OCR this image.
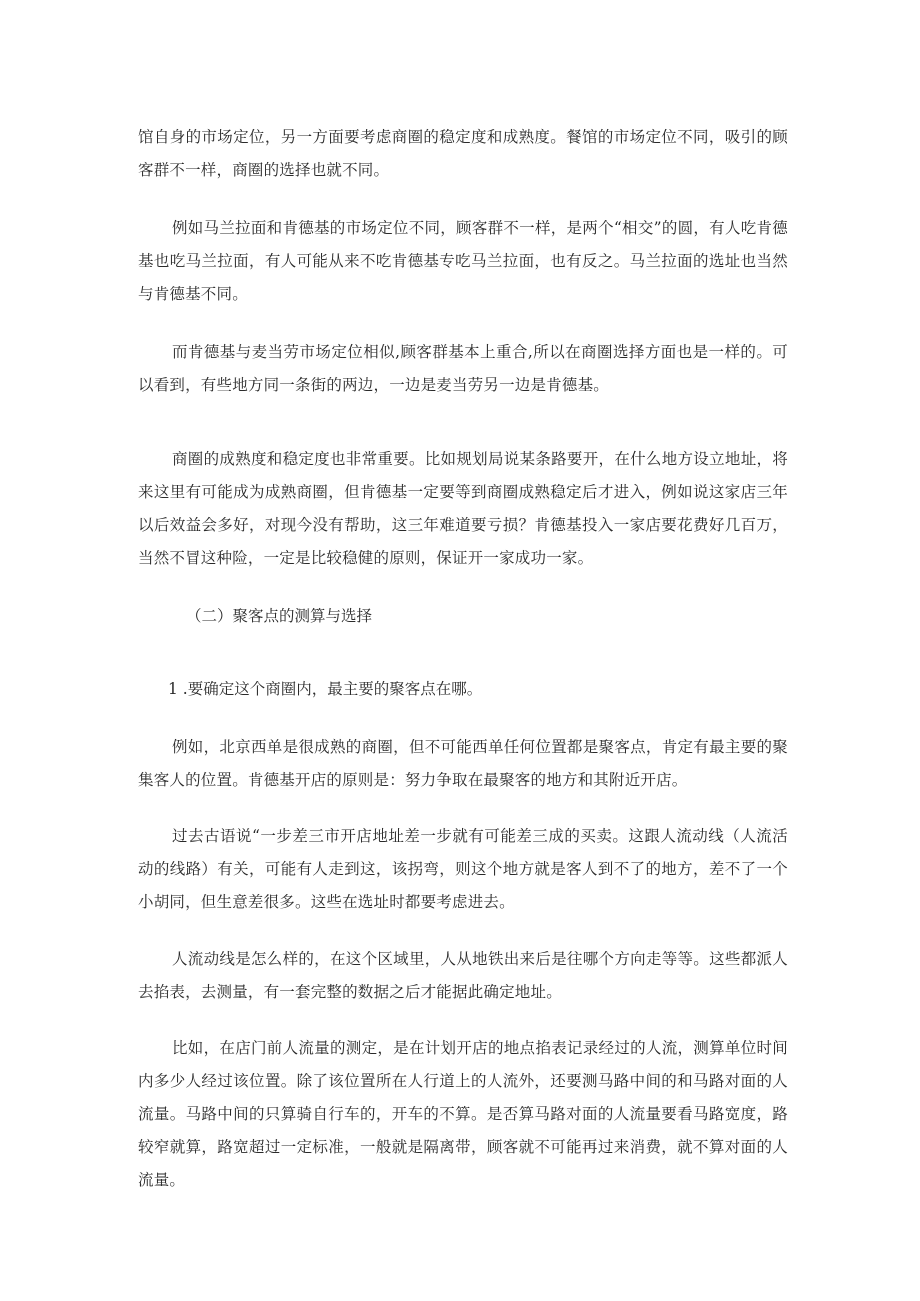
馆自身的市场定位，另一方面要考虑商圈的稳定度和成熟度。餐馆的市场定位不同，吸引的顾客群不一样，商圈的选择也就不同。

例如马兰拉面和肯德基的市场定位不同，顾客群不一样，是两个“相交”的圆，有人吃肯德基也吃马兰拉面，有人可能从来不吃肯德基专吃马兰拉面，也有反之。马兰拉面的选址也当然与肯德基不同。

而肯德基与麦当劳市场定位相似,顾客群基本上重合,所以在商圈选择方面也是一样的。可以看到，有些地方同一条街的两边，一边是麦当劳另一边是肯德基。

商圈的成熟度和稳定度也非常重要。比如规划局说某条路要开，在什么地方设立地址，将来这里有可能成为成熟商圈，但肯德基一定要等到商圈成熟稳定后才进入，例如说这家店三年以后效益会多好，对现今没有帮助，这三年难道要亏损？肯德基投入一家店要花费好几百万，当然不冒这种险，一定是比较稳健的原则，保证开一家成功一家。

（二）聚客点的测算与选择

1 .要确定这个商圈内，最主要的聚客点在哪。

例如，北京西单是很成熟的商圈，但不可能西单任何位置都是聚客点，肯定有最主要的聚集客人的位置。肯德基开店的原则是：努力争取在最聚客的地方和其附近开店。

过去古语说“一步差三市开店地址差一步就有可能差三成的买卖。这跟人流动线（人流活动的线路）有关，可能有人走到这，该拐弯，则这个地方就是客人到不了的地方，差不了一个小胡同，但生意差很多。这些在选址时都要考虑进去。

人流动线是怎么样的，在这个区域里，人从地铁出来后是往哪个方向走等等。这些都派人去掐表，去测量，有一套完整的数据之后才能据此确定地址。

比如，在店门前人流量的测定，是在计划开店的地点掐表记录经过的人流，测算单位时间内多少人经过该位置。除了该位置所在人行道上的人流外，还要测马路中间的和马路对面的人流量。马路中间的只算骑自行车的，开车的不算。是否算马路对面的人流量要看马路宽度，路较窄就算，路宽超过一定标准，一般就是隔离带，顾客就不可能再过来消费，就不算对面的人流量。
